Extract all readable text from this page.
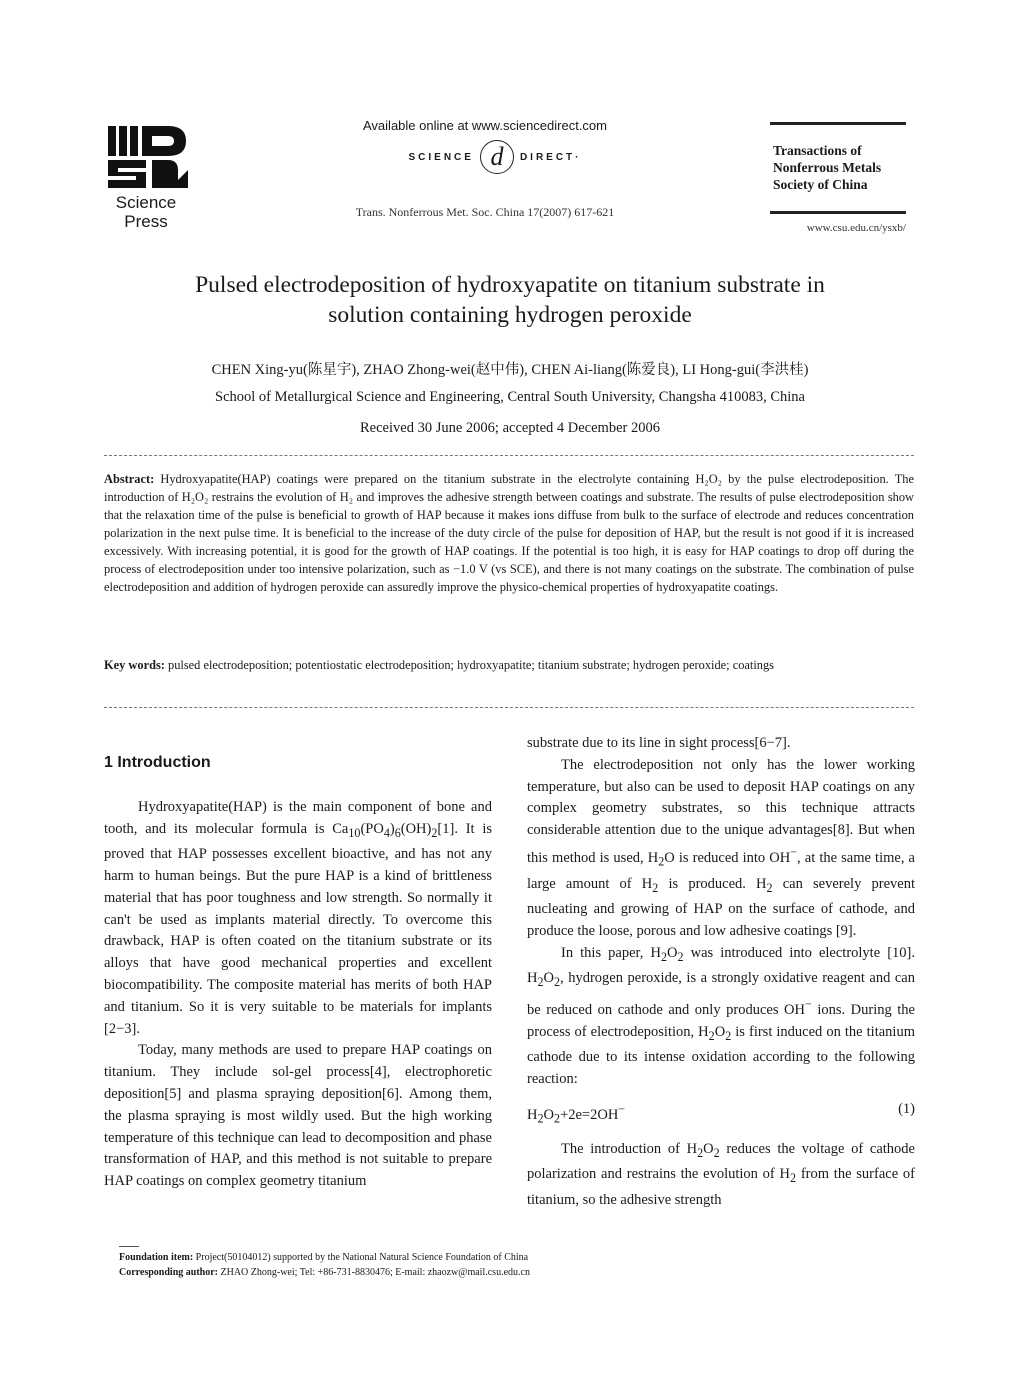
Science
Press
Available online at www.sciencedirect.com
SCIENCE d	DIRECT·
Trans. Nonferrous Met. Soc. China 17(2007) 617-621
Transactions of
Nonferrous Metals
Society of China
www.csu.edu.cn/ysxb/
Pulsed electrodeposition of hydroxyapatite on titanium substrate in
solution containing hydrogen peroxide
CHEN Xing-yu(陈星宇), ZHAO Zhong-wei(赵中伟), CHEN Ai-liang(陈爱良), LI Hong-gui(李洪桂)
School of Metallurgical Science and Engineering, Central South University, Changsha 410083, China
Received 30 June 2006; accepted 4 December 2006
Abstract: Hydroxyapatite(HAP) coatings were prepared on the titanium substrate in the electrolyte containing H₂O₂ by the pulse electrodeposition. The introduction of H₂O₂ restrains the evolution of H₂ and improves the adhesive strength between coatings and substrate. The results of pulse electrodeposition show that the relaxation time of the pulse is beneficial to growth of HAP because it makes ions diffuse from bulk to the surface of electrode and reduces concentration polarization in the next pulse time. It is beneficial to the increase of the duty circle of the pulse for deposition of HAP, but the result is not good if it is increased excessively. With increasing potential, it is good for the growth of HAP coatings. If the potential is too high, it is easy for HAP coatings to drop off during the process of electrodeposition under too intensive polarization, such as −1.0 V (vs SCE), and there is not many coatings on the substrate. The combination of pulse electrodeposition and addition of hydrogen peroxide can assuredly improve the physico-chemical properties of hydroxyapatite coatings.
Key words: pulsed electrodeposition; potentiostatic electrodeposition; hydroxyapatite; titanium substrate; hydrogen peroxide; coatings
1 Introduction

Hydroxyapatite(HAP) is the main component of bone and tooth, and its molecular formula is $Ca_{10}(PO_4)_6(OH)_2[1]$. It is proved that HAP possesses excellent bioactive, and has not any harm to human beings. But the pure HAP is a kind of brittleness material that has poor toughness and low strength. So normally it can't be used as implants material directly. To overcome this drawback, HAP is often coated on the titanium substrate or its alloys that have good mechanical properties and excellent biocompatibility. The composite material has merits of both HAP and titanium. So it is very suitable to be materials for implants [2−3].

Today, many methods are used to prepare HAP coatings on titanium. They include sol-gel process[4], electrophoretic deposition[5] and plasma spraying deposition[6]. Among them, the plasma spraying is most wildly used. But the high working temperature of this technique can lead to decomposition and phase transformation of HAP, and this method is not suitable to prepare HAP coatings on complex geometry titanium

substrate due to its line in sight process[6−7].

The electrodeposition not only has the lower working temperature, but also can be used to deposit HAP coatings on any complex geometry substrates, so this technique attracts considerable attention due to the unique advantages[8]. But when this method is used, $H_2O$ is reduced into OH−, at the same time, a large amount of $H_2$ is produced. $H_2$ can severely prevent nucleating and growing of HAP on the surface of cathode, and produce the loose, porous and low adhesive coatings [9].

In this paper, $H_2O_2$ was introduced into electrolyte [10]. $H_2O_2$, hydrogen peroxide, is a strongly oxidative reagent and can be reduced on cathode and only produces OH− ions. During the process of electrodeposition, $H_2O_2$ is first induced on the titanium cathode due to its intense oxidation according to the following reaction:

$H_2O_2+2e=2OH^-$	(1)

The introduction of $H_2O_2$ reduces the voltage of cathode polarization and restrains the evolution of $H_2$ from the surface of titanium, so the adhesive strength

Foundation item: Project(50104012) supported by the National Natural Science Foundation of China
Corresponding author: ZHAO Zhong-wei; Tel: +86-731-8830476; E-mail: zhaozw@mail.csu.edu.cn
